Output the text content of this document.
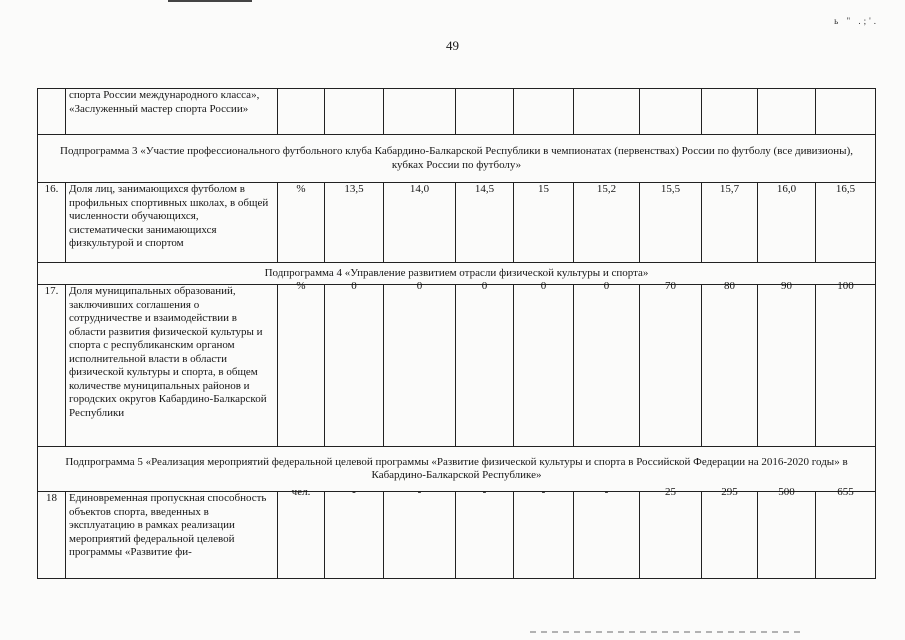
ь " .;'.
49
	спорта России международного класса», «Заслуженный мастер спорта России»										
Подпрограмма 3 «Участие профессионального футбольного клуба Кабардино-Балкарской Республики в чемпионатах (первенствах) России по футболу (все дивизионы), кубках России по футболу»											
16.	Доля лиц, занимающихся футболом в профильных спортивных школах, в общей численности обучающихся, систематически занимающихся физкультурой и спортом	%	13,5	14,0	14,5	15	15,2	15,5	15,7	16,0	16,5
Подпрограмма 4 «Управление развитием отрасли физической культуры и спорта»											
17.	Доля муниципальных образований, заключивших соглашения о сотрудничестве и взаимодействии в области развития физической культуры и спорта с республиканским органом исполнительной власти в области физической культуры и спорта, в общем количестве муниципальных районов и городских округов Кабардино-Балкарской Республики	%	0	0	0	0	0	70	80	90	100
Подпрограмма 5 «Реализация мероприятий федеральной целевой программы «Развитие физической культуры и спорта в Российской Федерации на 2016-2020 годы» в Кабардино-Балкарской Республике»											
18	Единовременная пропускная способность объектов спорта, введенных в эксплуатацию в рамках реализации мероприятий федеральной целевой программы «Развитие фи-	чел.	-	-	-	-	-	25	295	500	655
